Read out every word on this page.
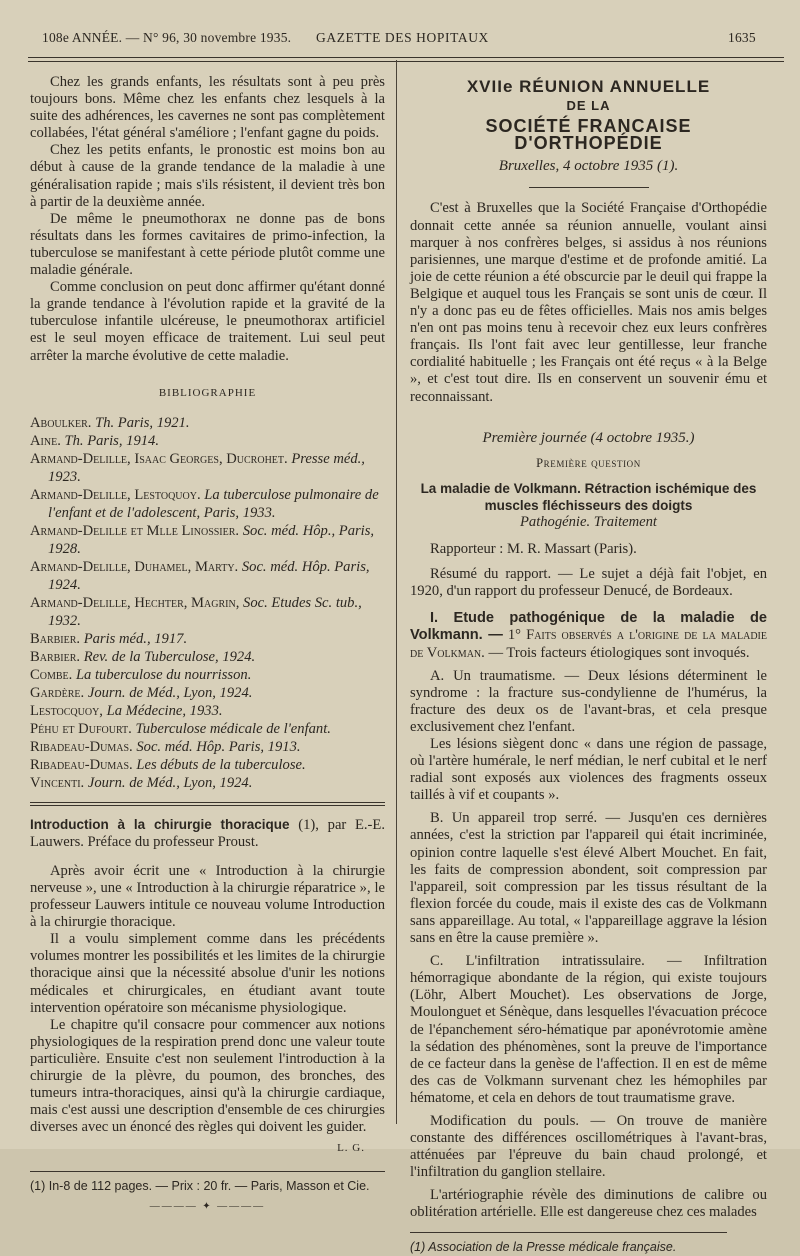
108e ANNÉE. — N° 96, 30 novembre 1935. GAZETTE DES HOPITAUX	1635

Chez les grands enfants, les résultats sont à peu près toujours bons. Même chez les enfants chez lesquels à la suite des adhérences, les cavernes ne sont pas complètement collabées, l'état général s'améliore ; l'enfant gagne du poids.

Chez les petits enfants, le pronostic est moins bon au début à cause de la grande tendance de la maladie à une généralisation rapide ; mais s'ils résistent, il devient très bon à partir de la deuxième année.

De même le pneumothorax ne donne pas de bons résultats dans les formes cavitaires de primo-infection, la tuberculose se manifestant à cette période plutôt comme une maladie générale.

Comme conclusion on peut donc affirmer qu'étant donné la grande tendance à l'évolution rapide et la gravité de la tuberculose infantile ulcéreuse, le pneumothorax artificiel est le seul moyen efficace de traitement. Lui seul peut arrêter la marche évolutive de cette maladie.

BIBLIOGRAPHIE

Aboulker. Th. Paris, 1921.

Aine. Th. Paris, 1914.

Armand-Delille, Isaac Georges, Ducrohet. Presse méd., 1923.

Armand-Delille, Lestoquoy. La tuberculose pulmonaire de l'enfant et de l'adolescent, Paris, 1933.

Armand-Delille et Mlle Linossier. Soc. méd. Hôp., Paris, 1928.

Armand-Delille, Duhamel, Marty. Soc. méd. Hôp. Paris, 1924.

Armand-Delille, Hechter, Magrin, Soc. Etudes Sc. tub., 1932.

Barbier. Paris méd., 1917.

Barbier. Rev. de la Tuberculose, 1924.

Combe. La tuberculose du nourrisson.

Gardère. Journ. de Méd., Lyon, 1924.

Lestocquoy, La Médecine, 1933.

Péhu et Dufourt. Tuberculose médicale de l'enfant.

Ribadeau-Dumas. Soc. méd. Hôp. Paris, 1913.

Ribadeau-Dumas. Les débuts de la tuberculose.

Vincenti. Journ. de Méd., Lyon, 1924.

Introduction à la chirurgie thoracique (1), par E.-E. Lauwers. Préface du professeur Proust.

Après avoir écrit une « Introduction à la chirurgie nerveuse », une « Introduction à la chirurgie réparatrice », le professeur Lauwers intitule ce nouveau volume Introduction à la chirurgie thoracique.

Il a voulu simplement comme dans les précédents volumes montrer les possibilités et les limites de la chirurgie thoracique ainsi que la nécessité absolue d'unir les notions médicales et chirurgicales, en étudiant avant toute intervention opératoire son mécanisme physiologique.

Le chapitre qu'il consacre pour commencer aux notions physiologiques de la respiration prend donc une valeur toute particulière. Ensuite c'est non seulement l'introduction à la chirurgie de la plèvre, du poumon, des bronches, des tumeurs intra-thoraciques, ainsi qu'à la chirurgie cardiaque, mais c'est aussi une description d'ensemble de ces chirurgies diverses avec un énoncé des règles qui doivent les guider.

L. G.

(1) In-8 de 112 pages. — Prix : 20 fr. — Paris, Masson et Cie.

———— ✦ ————

XVIIe RÉUNION ANNUELLE

DE LA

SOCIÉTÉ FRANCAISE D'ORTHOPÉDIE

Bruxelles, 4 octobre 1935 (1).

C'est à Bruxelles que la Société Française d'Orthopédie donnait cette année sa réunion annuelle, voulant ainsi marquer à nos confrères belges, si assidus à nos réunions parisiennes, une marque d'estime et de profonde amitié. La joie de cette réunion a été obscurcie par le deuil qui frappe la Belgique et auquel tous les Français se sont unis de cœur. Il n'y a donc pas eu de fêtes officielles. Mais nos amis belges n'en ont pas moins tenu à recevoir chez eux leurs confrères français. Ils l'ont fait avec leur gentillesse, leur franche cordialité habituelle ; les Français ont été reçus « à la Belge », et c'est tout dire. Ils en conservent un souvenir ému et reconnaissant.

Première journée (4 octobre 1935.)

Première question

La maladie de Volkmann. Rétraction ischémique des muscles fléchisseurs des doigts

Pathogénie. Traitement

Rapporteur : M. R. Massart (Paris).

Résumé du rapport. — Le sujet a déjà fait l'objet, en 1920, d'un rapport du professeur Denucé, de Bordeaux.

I. Etude pathogénique de la maladie de Volkmann. — 1° Faits observés a l'origine de la maladie de Volkman. — Trois facteurs étiologiques sont invoqués.

A. Un traumatisme. — Deux lésions déterminent le syndrome : la fracture sus-condylienne de l'humérus, la fracture des deux os de l'avant-bras, et cela presque exclusivement chez l'enfant.

Les lésions siègent donc « dans une région de passage, où l'artère humérale, le nerf médian, le nerf cubital et le nerf radial sont exposés aux violences des fragments osseux taillés à vif et coupants ».

B. Un appareil trop serré. — Jusqu'en ces dernières années, c'est la striction par l'appareil qui était incriminée, opinion contre laquelle s'est élevé Albert Mouchet. En fait, les faits de compression abondent, soit compression par l'appareil, soit compression par les tissus résultant de la flexion forcée du coude, mais il existe des cas de Volkmann sans appareillage. Au total, « l'appareillage aggrave la lésion sans en être la cause première ».

C. L'infiltration intratissulaire. — Infiltration hémorragique abondante de la région, qui existe toujours (Löhr, Albert Mouchet). Les observations de Jorge, Moulonguet et Sénèque, dans lesquelles l'évacuation précoce de l'épanchement séro-hématique par aponévrotomie amène la sédation des phénomènes, sont la preuve de l'importance de ce facteur dans la genèse de l'affection. Il en est de même des cas de Volkmann survenant chez les hémophiles par hématome, et cela en dehors de tout traumatisme grave.

Modification du pouls. — On trouve de manière constante des différences oscillométriques à l'avant-bras, atténuées par l'épreuve du bain chaud prolongé, et l'infiltration du ganglion stellaire.

L'artériographie révèle des diminutions de calibre ou oblitération artérielle. Elle est dangereuse chez ces malades

(1) Association de la Presse médicale française.
